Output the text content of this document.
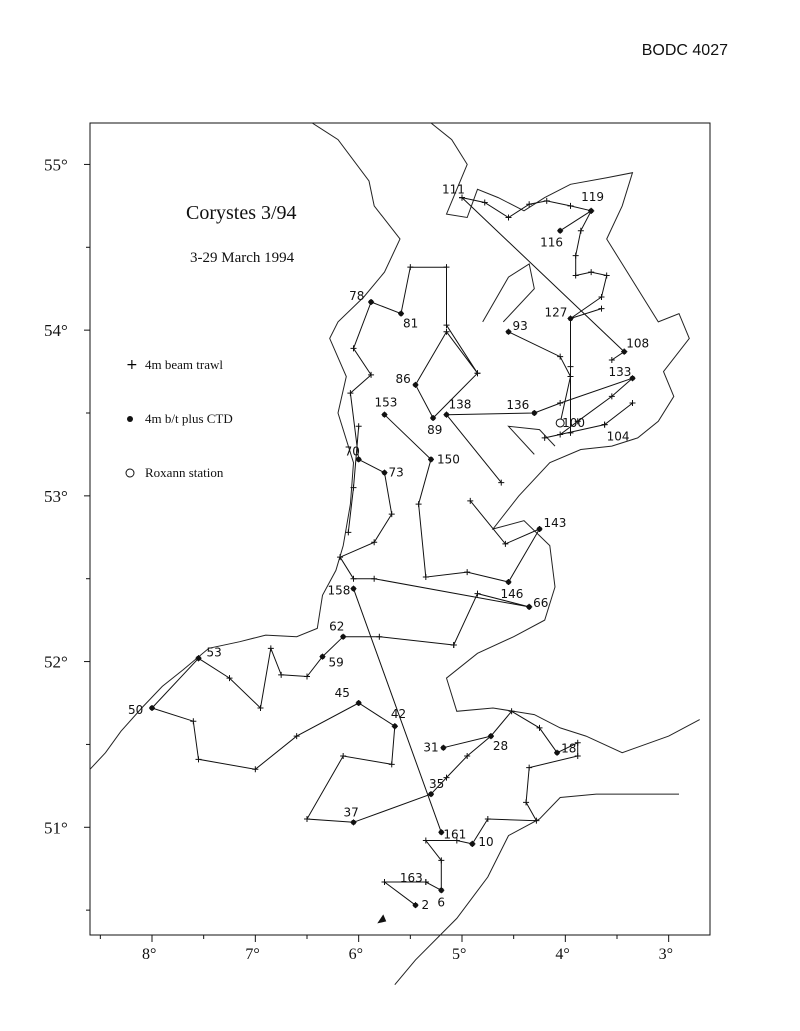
BODC 4027
111
119
116
78
81
127
93
108
86	133
153	138	136
89
100
104
150
70
73
143
146
158
66
62
53
59
45
50	42
31	28	18
35
37
161
10
163
6
2
8°	7°	6°	5°	4°	3°
55°
54°
53°
52°
51°
Corystes 3/94
3-29 March 1994
+ 4m beam trawl
4m b/t plus CTD
Roxann station
